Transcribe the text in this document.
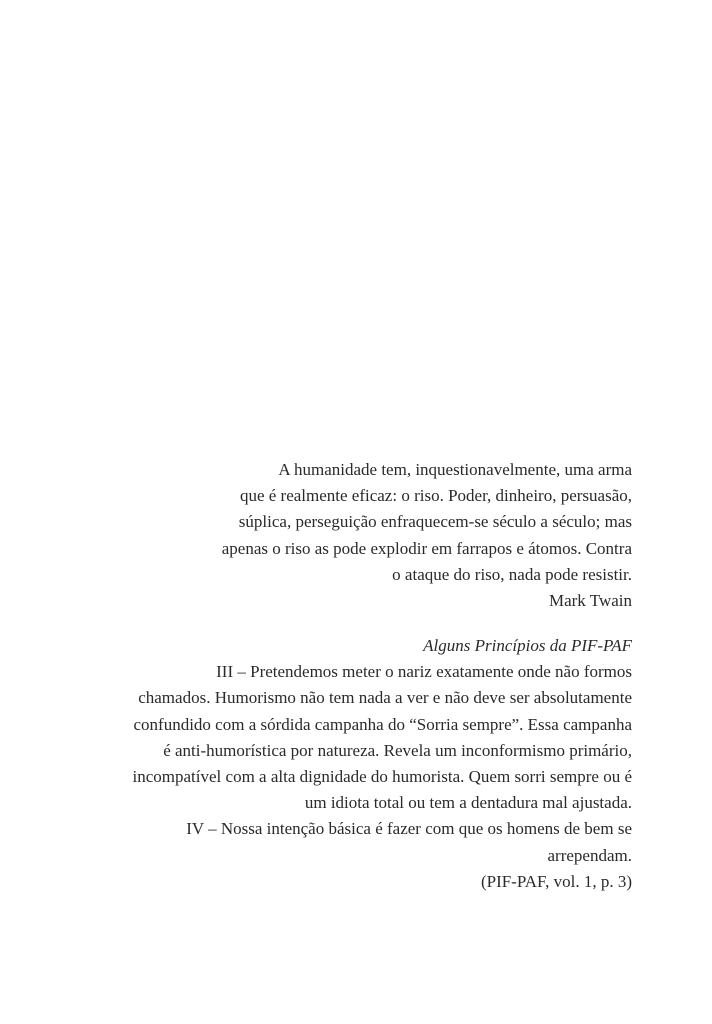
A humanidade tem, inquestionavelmente, uma arma
que é realmente eficaz: o riso. Poder, dinheiro, persuasão,
súplica, perseguição enfraquecem-se século a século; mas
apenas o riso as pode explodir em farrapos e átomos. Contra
o ataque do riso, nada pode resistir.
Mark Twain
Alguns Princípios da PIF-PAF
III – Pretendemos meter o nariz exatamente onde não formos
chamados. Humorismo não tem nada a ver e não deve ser absolutamente
confundido com a sórdida campanha do “Sorria sempre”. Essa campanha
é anti-humorística por natureza. Revela um inconformismo primário,
incompatível com a alta dignidade do humorista. Quem sorri sempre ou é
um idiota total ou tem a dentadura mal ajustada.
IV – Nossa intenção básica é fazer com que os homens de bem se
arrependam.
(PIF-PAF, vol. 1, p. 3)
